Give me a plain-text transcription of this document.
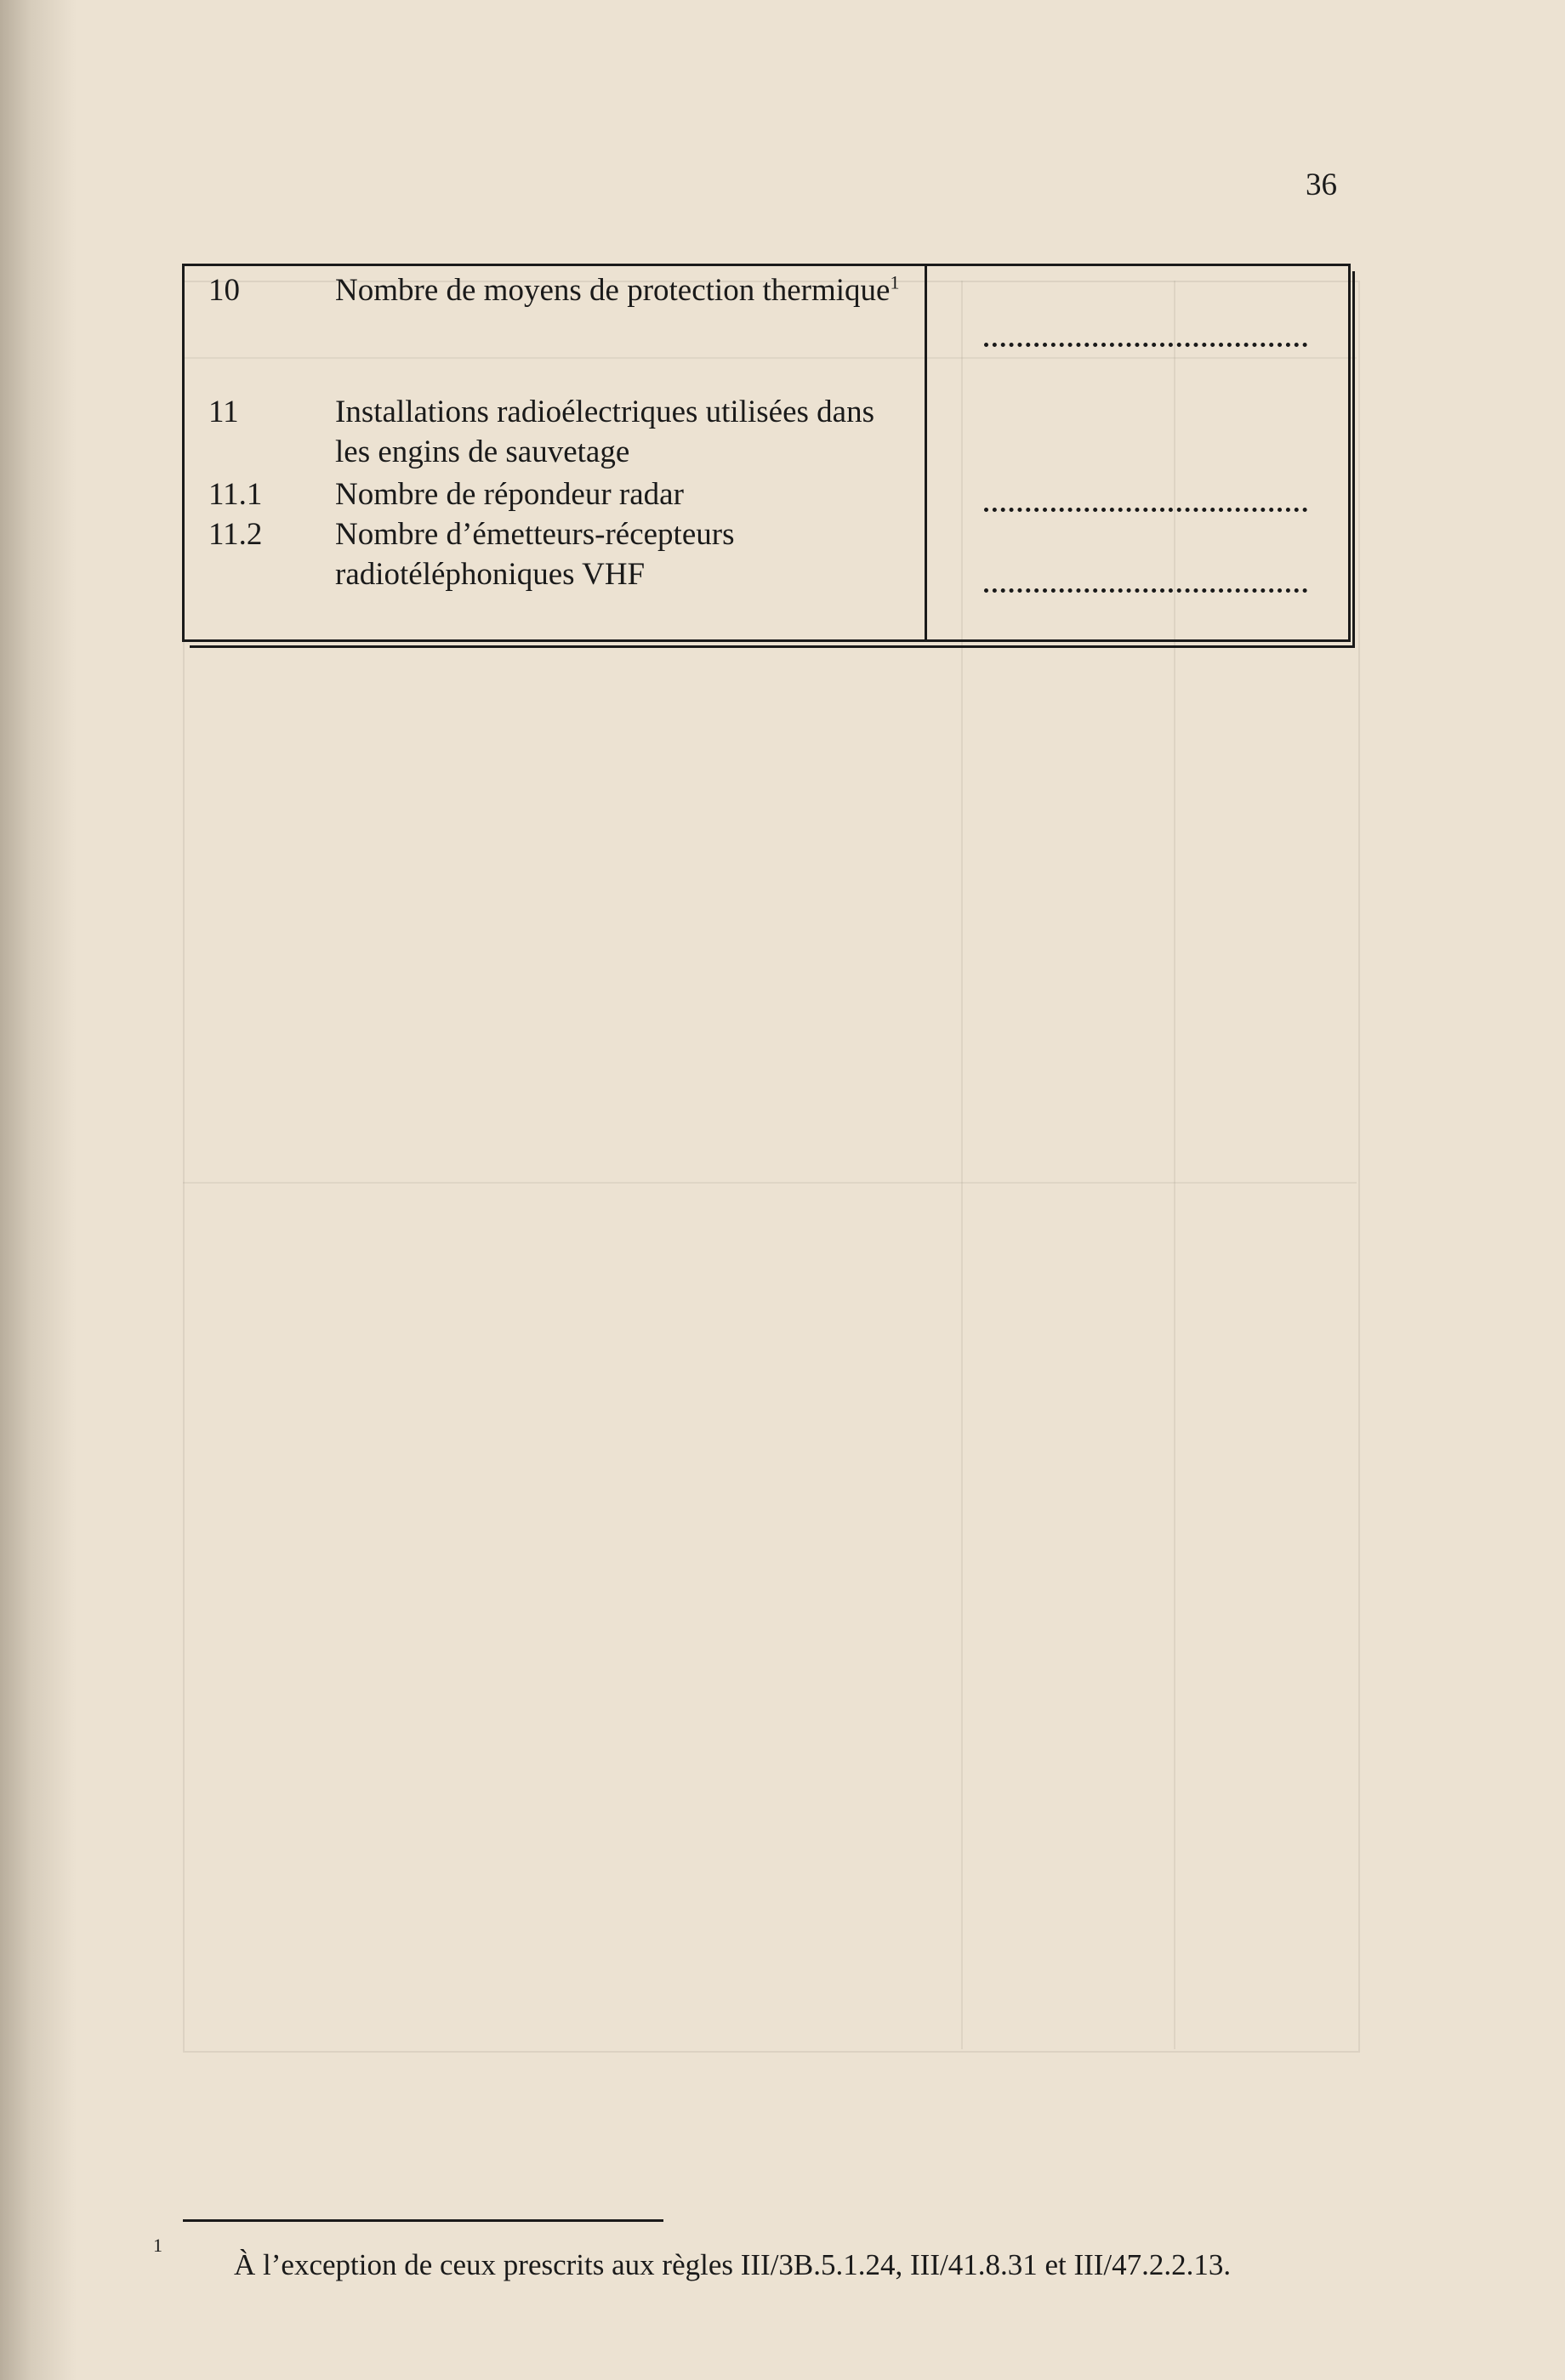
36
10	Nombre de moyens de protection thermique$^1$
11	Installations radioélectriques utilisées dans les engins de sauvetage
11.1 Nombre de répondeur radar
11.2 Nombre d’émetteurs-récepteurs radiotéléphoniques VHF
1
À l’exception de ceux prescrits aux règles III/3B.5.1.24, III/41.8.31 et III/47.2.2.13.
